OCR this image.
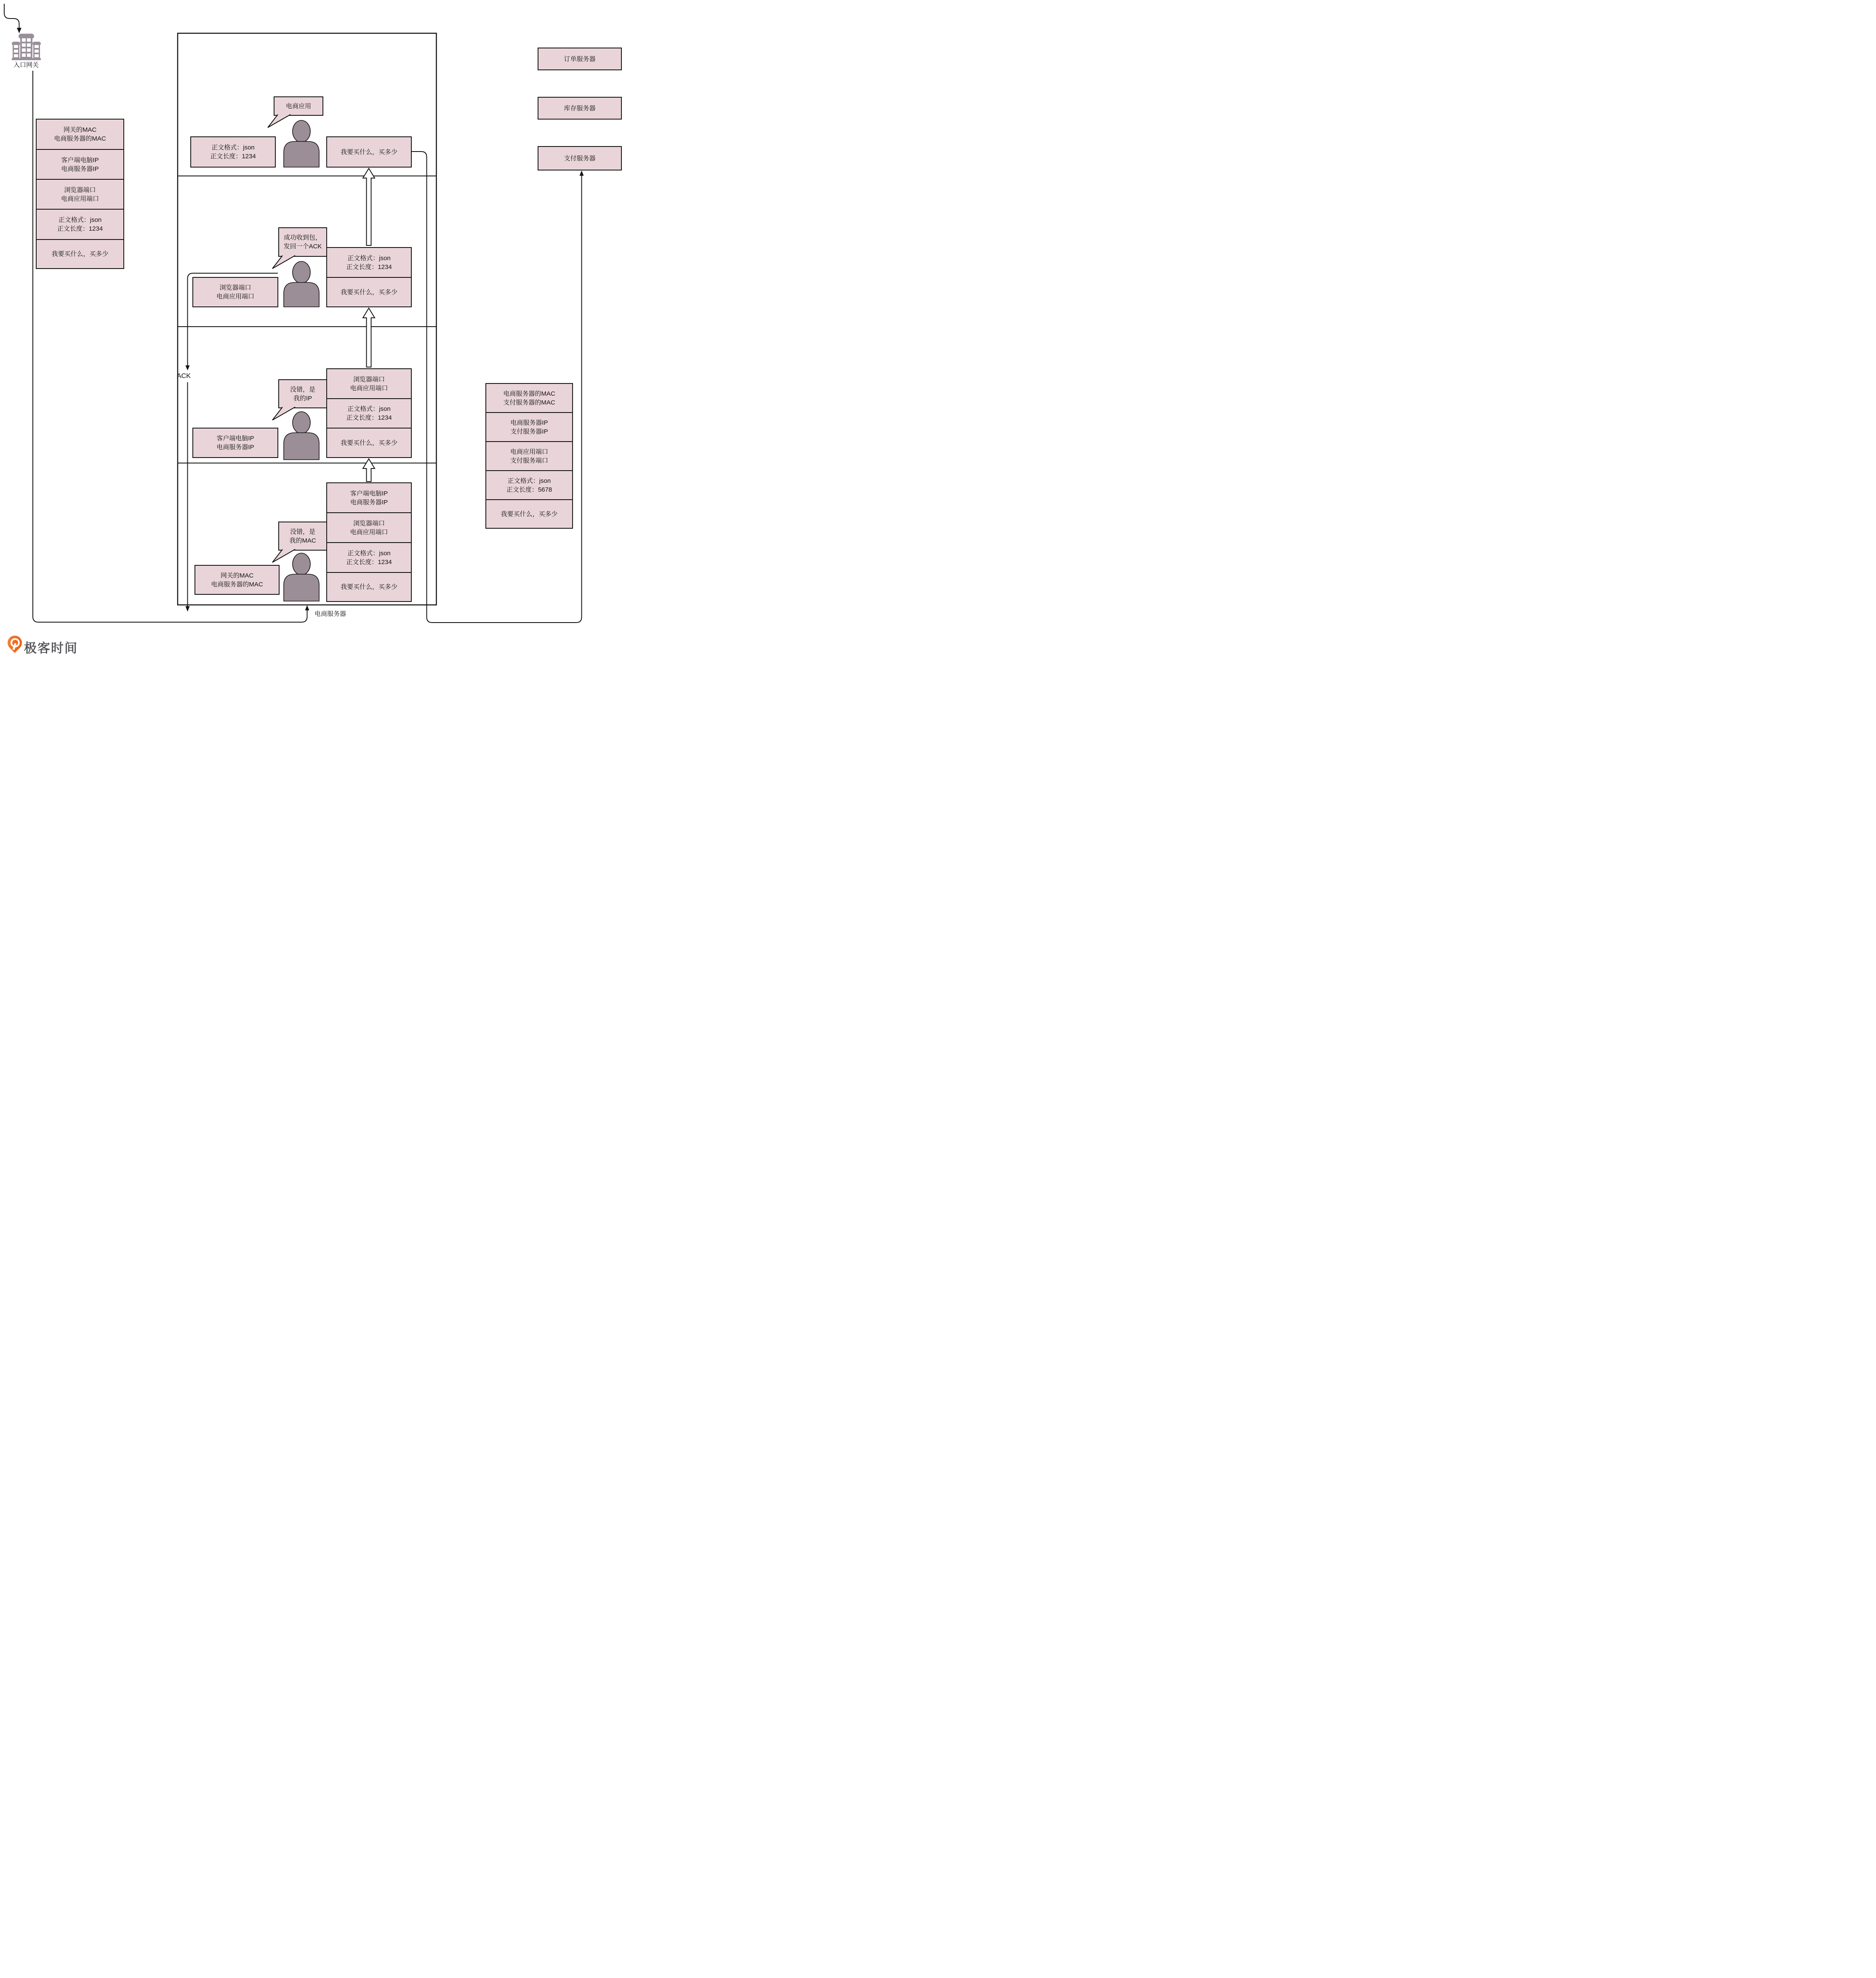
入口网关
网关的MAC
电商服务器的MAC
客户端电脑IP
电商服务器IP
浏览器端口
电商应用端口
正文格式：json
正文长度：1234
我要买什么，买多少
电商应用
正文格式：json
正文长度：1234
我要买什么，买多少
成功收到包，
发回一个ACK
浏览器端口
电商应用端口
正文格式：json
正文长度：1234
我要买什么，买多少
ACK
没错，是
我的IP
客户端电脑IP
电商服务器IP
浏览器端口
电商应用端口
正文格式：json
正文长度：1234
我要买什么，买多少
没错，是
我的MAC
网关的MAC
电商服务器的MAC
客户端电脑IP
电商服务器IP
浏览器端口
电商应用端口
正文格式：json
正文长度：1234
我要买什么，买多少
订单服务器
库存服务器
支付服务器
电商服务器的MAC
支付服务器的MAC
电商服务器IP
支付服务器IP
电商应用端口
支付服务端口
正文格式：json
正文长度：5678
我要买什么，买多少
电商服务器
极客时间
